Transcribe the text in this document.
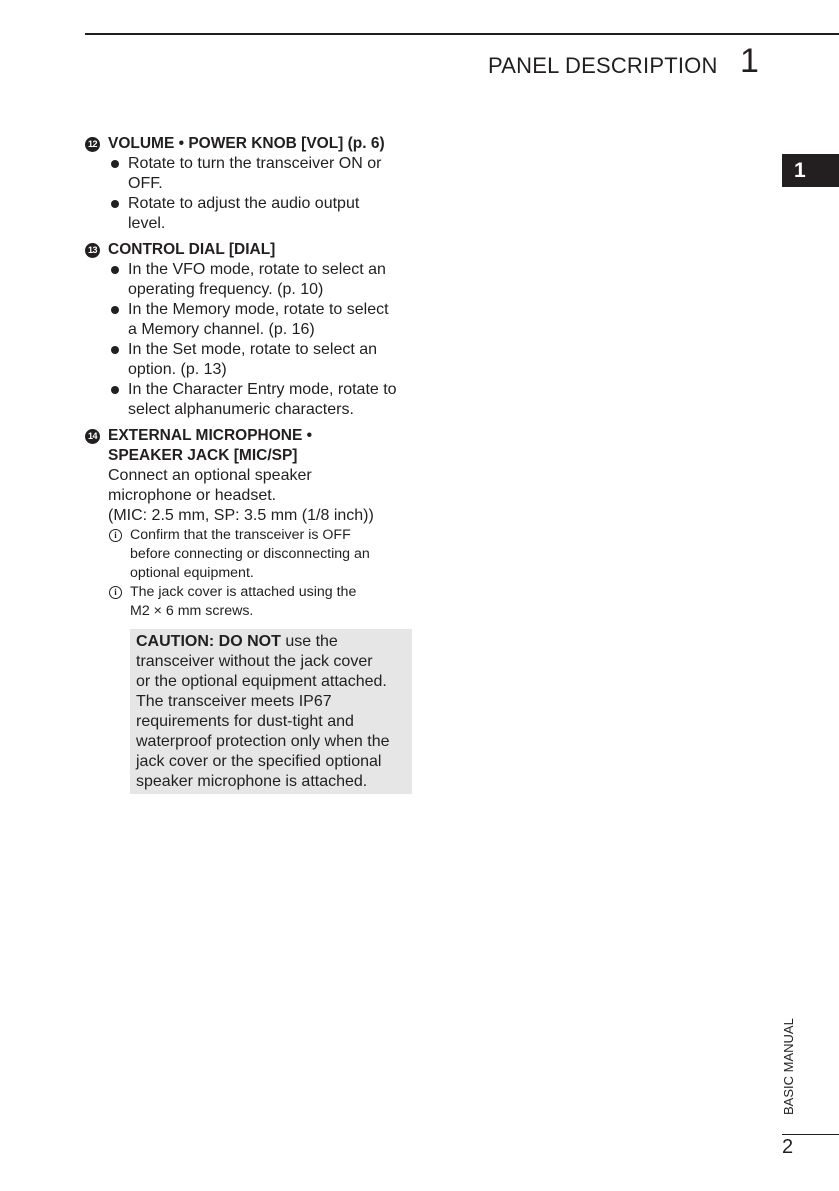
PANEL DESCRIPTION 1
1
BASIC MANUAL
2
12 VOLUME • POWER KNOB [VOL] (p. 6)
Rotate to turn the transceiver ON or
OFF.
Rotate to adjust the audio output
level.
13 CONTROL DIAL [DIAL]
In the VFO mode, rotate to select an
operating frequency. (p. 10)
In the Memory mode, rotate to select
a Memory channel. (p. 16)
In the Set mode, rotate to select an
option. (p. 13)
In the Character Entry mode, rotate to
select alphanumeric characters.
14 EXTERNAL MICROPHONE •
SPEAKER JACK [MIC/SP]
Connect an optional speaker
microphone or headset.
(MIC: 2.5 mm, SP: 3.5 mm (1/8 inch))
i Confirm that the transceiver is OFF
before connecting or disconnecting an
optional equipment.
i The jack cover is attached using the
M2 × 6 mm screws.
CAUTION: DO NOT use the
transceiver without the jack cover
or the optional equipment attached.
The transceiver meets IP67
requirements for dust-tight and
waterproof protection only when the
jack cover or the specified optional
speaker microphone is attached.
